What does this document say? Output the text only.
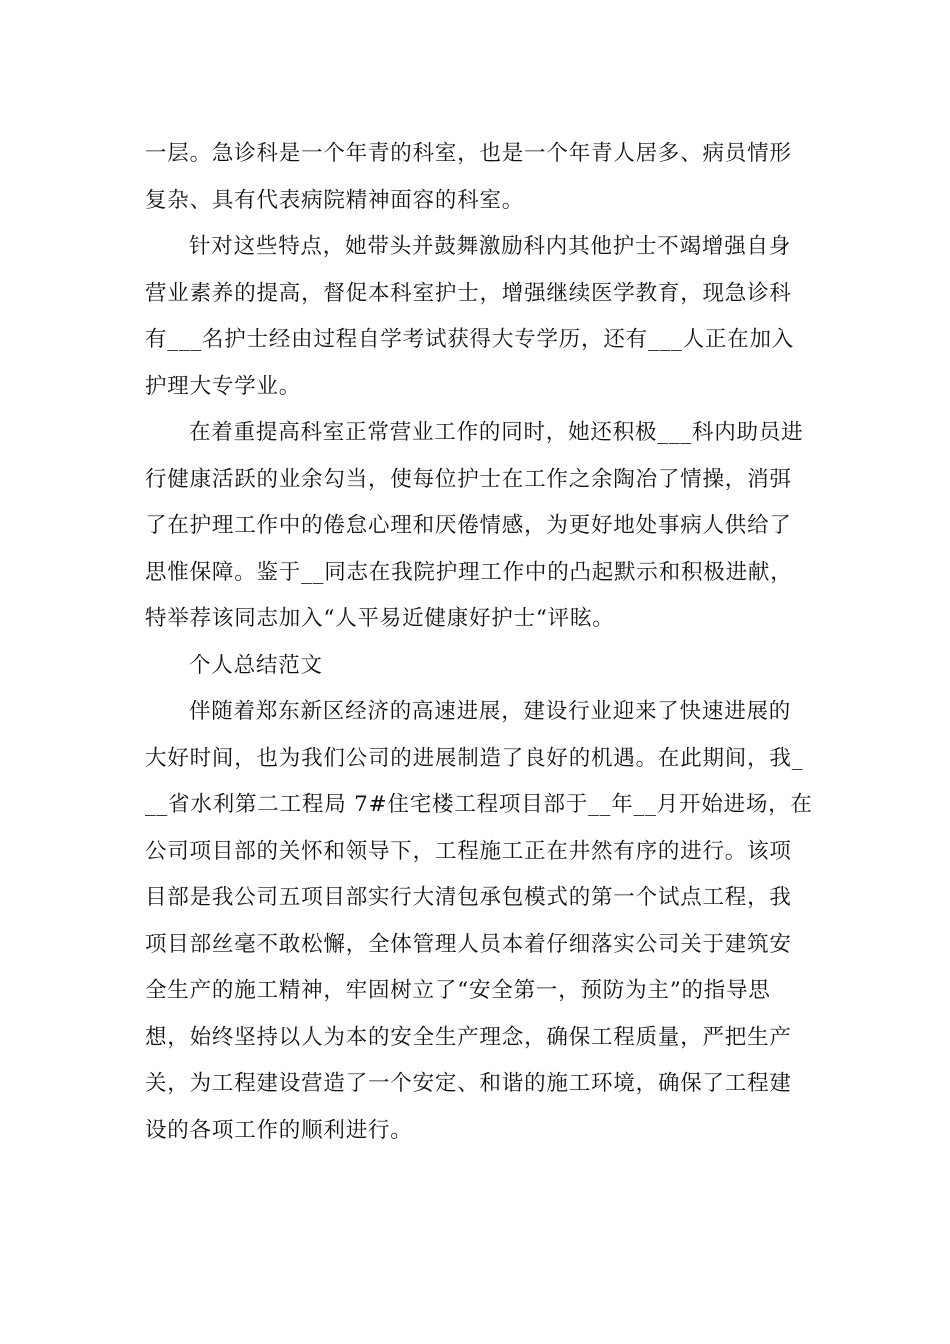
一层。急诊科是一个年青的科室，也是一个年青人居多、病员情形
复杂、具有代表病院精神面容的科室。
针对这些特点，她带头并鼓舞激励科内其他护士不竭增强自身
营业素养的提高，督促本科室护士，增强继续医学教育，现急诊科
有___名护士经由过程自学考试获得大专学历，还有___人正在加入
护理大专学业。
在着重提高科室正常营业工作的同时，她还积极___科内助员进
行健康活跃的业余勾当，使每位护士在工作之余陶冶了情操，消弭
了在护理工作中的倦怠心理和厌倦情感，为更好地处事病人供给了
思惟保障。鉴于__同志在我院护理工作中的凸起默示和积极进献，
特举荐该同志加入“人平易近健康好护士“评眩。
个人总结范文
伴随着郑东新区经济的高速进展，建设行业迎来了快速进展的
大好时间，也为我们公司的进展制造了良好的机遇。在此期间，我_
__省水利第二工程局 7#住宅楼工程项目部于__年__月开始进场，在
公司项目部的关怀和领导下，工程施工正在井然有序的进行。该项
目部是我公司五项目部实行大清包承包模式的第一个试点工程，我
项目部丝毫不敢松懈，全体管理人员本着仔细落实公司关于建筑安
全生产的施工精神，牢固树立了“安全第一，预防为主”的指导思
想，始终坚持以人为本的安全生产理念，确保工程质量，严把生产
关，为工程建设营造了一个安定、和谐的施工环境，确保了工程建
设的各项工作的顺利进行。
